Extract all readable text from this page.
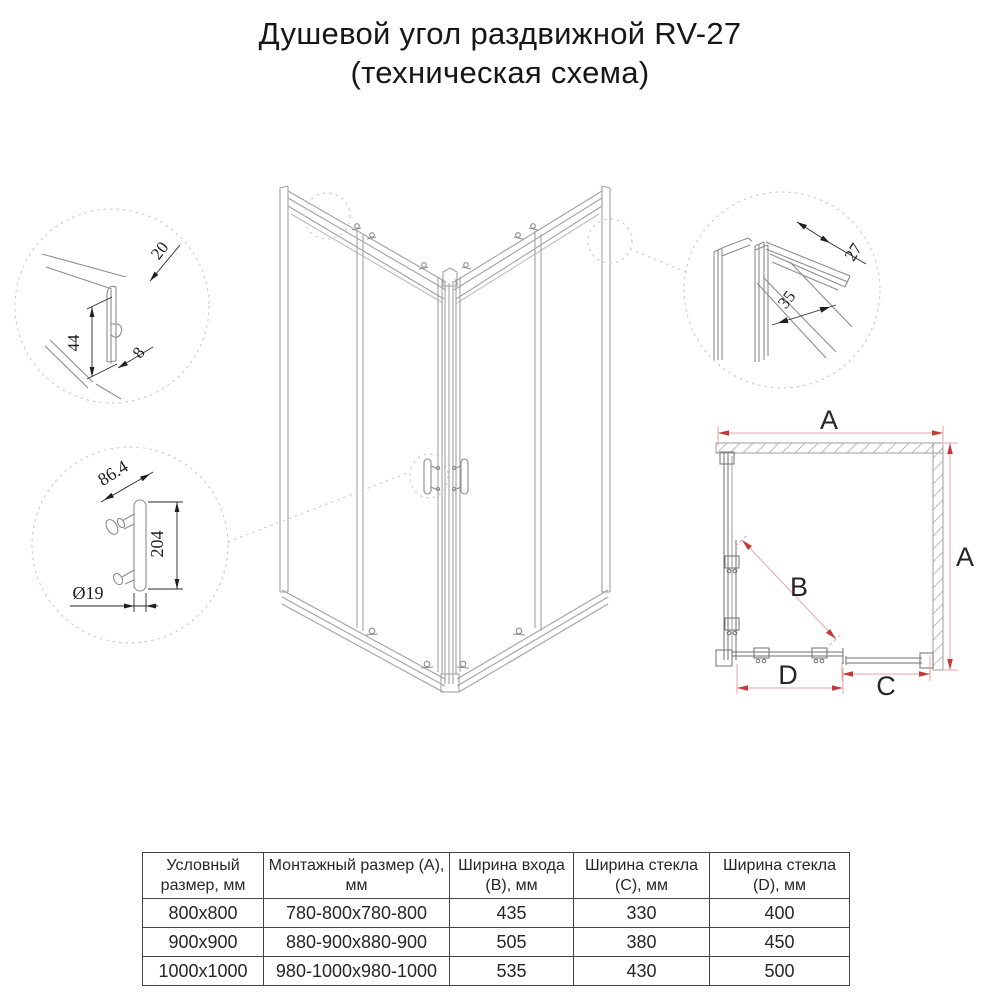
Душевой угол раздвижной RV-27
(техническая схема)
20
44
8
86.4
204
Ø19
27
35
A
A
B
D	C
Условный размер, мм	Монтажный размер (А), мм	Ширина входа (В), мм	Ширина стекла (С), мм	Ширина стекла (D), мм
800х800	780-800х780-800	435	330	400
900х900	880-900х880-900	505	380	450
1000х1000	980-1000х980-1000	535	430	500
